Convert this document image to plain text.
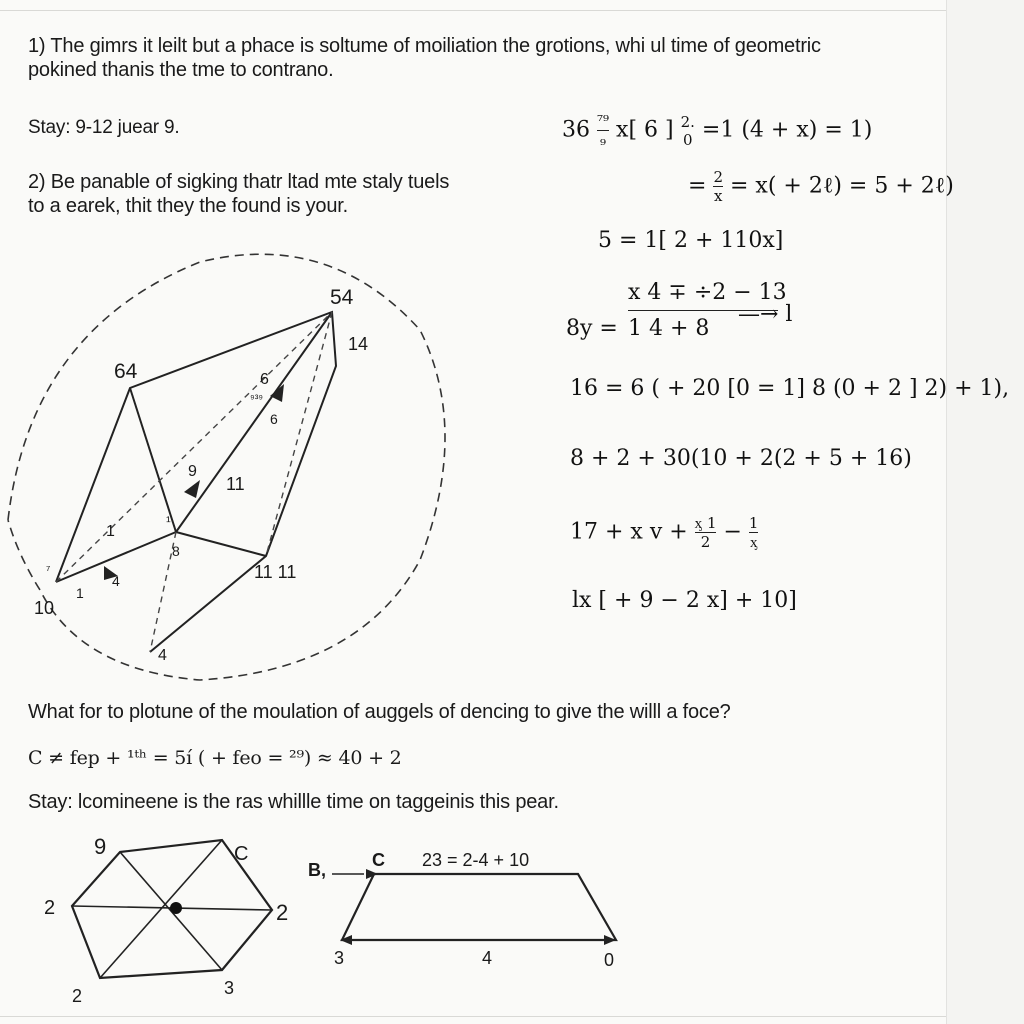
1) The gimrs it leilt but a phace is soltume of moiliation the grotions, whi ul time of geometric
pokined thanis the tme to contrano.
Stay: 9-12 juear 9.
2) Be panable of sigking thatr ltad mte staly tuels
to a earek, thit they the found is your.
$36 \frac{\text{⁷⁹}}{\text{₉}} x$[ 6 ] 2.
0 =1 (4 + x) = 1)
= $\frac{2}{x} = x$( + 2ℓ) = 5 + 2ℓ)
5 = 1[ 2 + 110x]
8y =
x 4 ∓ ÷2 − 13
1 4 + 8
—→ l
16 = 6 ( + 20 [0 = 1] 8 (0 + 2 ] 2) + 1),
8 + 2 + 30(10 + 2(2 + 5 + 16)
17 + x $v + \frac{\text{ᶍ 1}}{2} - \frac{1}{\text{ᶍ}}$
lx [ + 9 − 2 x] + 10]
54
14
64	6
⁹³⁹
6
9
11
1
¹
8
11 11
⁷
4
10
1
4
What for to plotune of the moulation of auggels of dencing to give the willl a foce?
C ≠ fep + ¹ᵗʰ = 5í ( + feo = ²⁹) ≈ 40 + 2
Stay: lcomineene is the ras whillle time on taggeinis this pear.
9	C
2	2
2	3
B,	C 23 = 2-4 + 10
3	4	0
